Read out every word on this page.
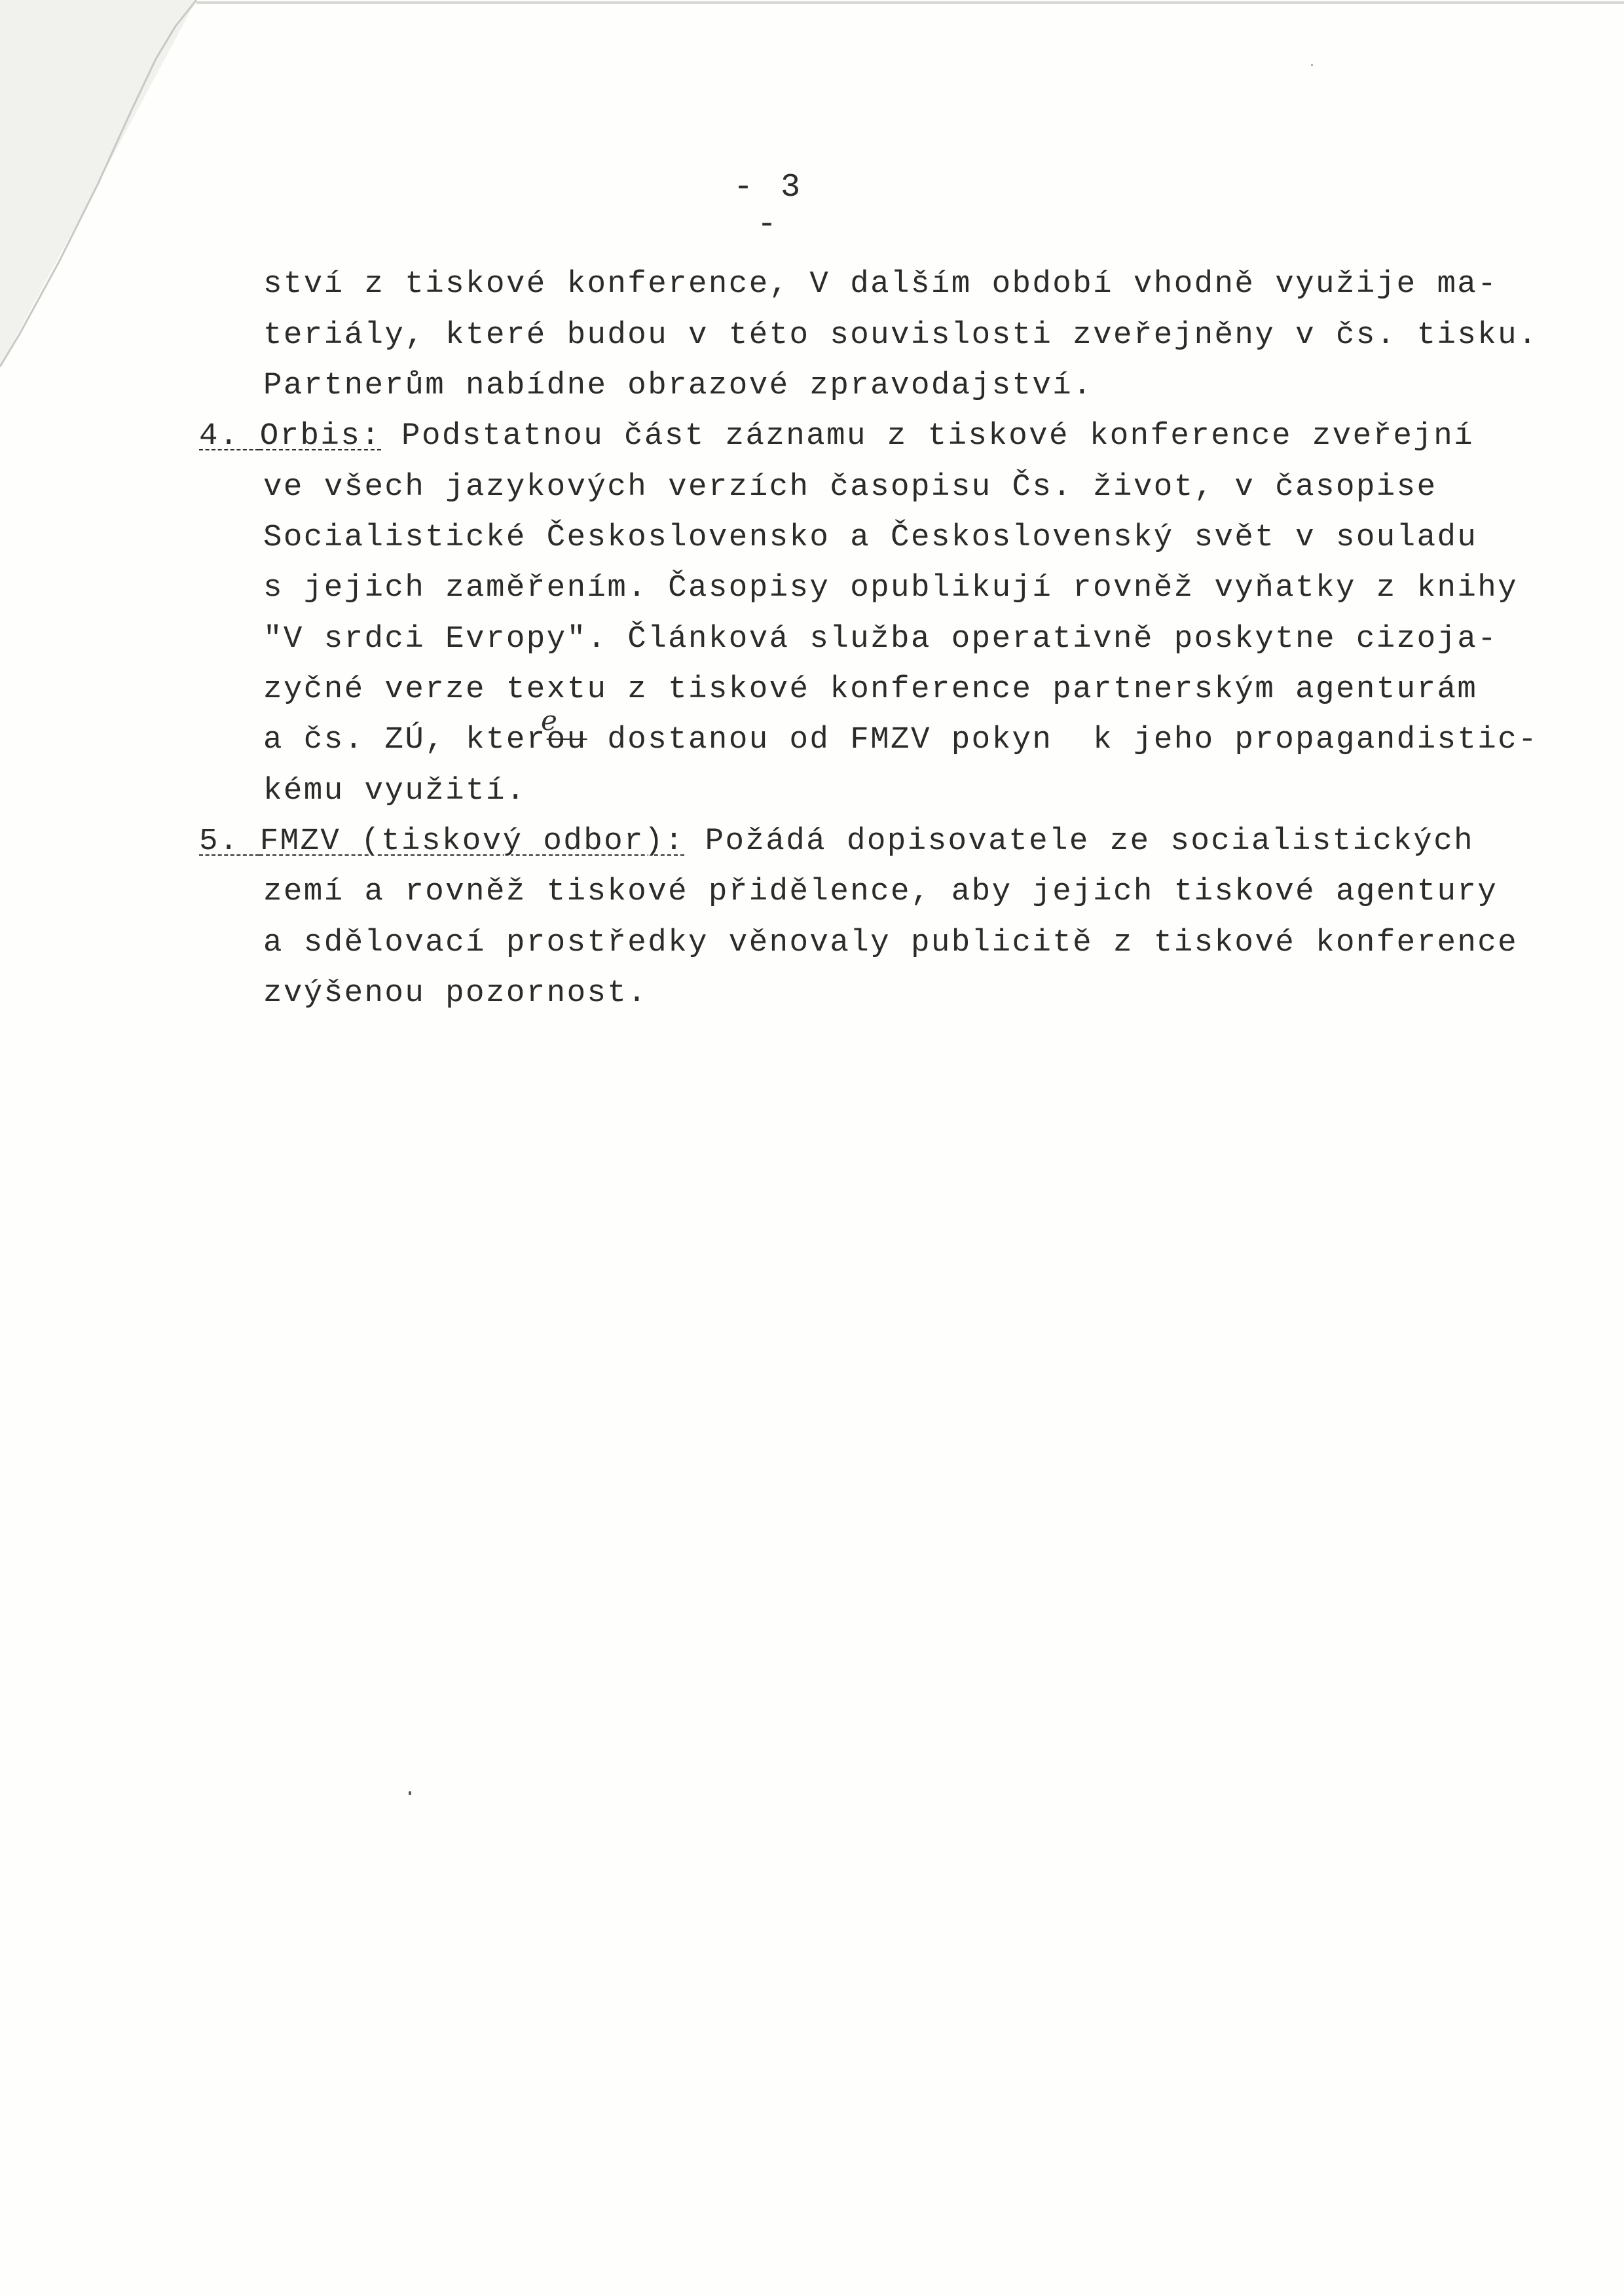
- 3 -
ství z tiskové konference, V dalším období vhodně využije ma-
teriály, které budou v této souvislosti zveřejněny v čs. tisku.
Partnerům nabídne obrazové zpravodajství.
4. Orbis: Podstatnou část záznamu z tiskové konference zveřejní
ve všech jazykových verzích časopisu Čs. život, v časopise
Socialistické Československo a Československý svět v souladu
s jejich zaměřením. Časopisy opublikují rovněž vyňatky z knihy
"V srdci Evropy". Článková služba operativně poskytne cizoja-
zyčné verze textu z tiskové konference partnerským agenturám
a čs. ZÚ, kterou dostanou od FMZV pokyn  k jeho propagandistic-
e
kému využití.
5. FMZV (tiskový odbor): Požádá dopisovatele ze socialistických
zemí a rovněž tiskové přidělence, aby jejich tiskové agentury
a sdělovací prostředky věnovaly publicitě z tiskové konference
zvýšenou pozornost.
